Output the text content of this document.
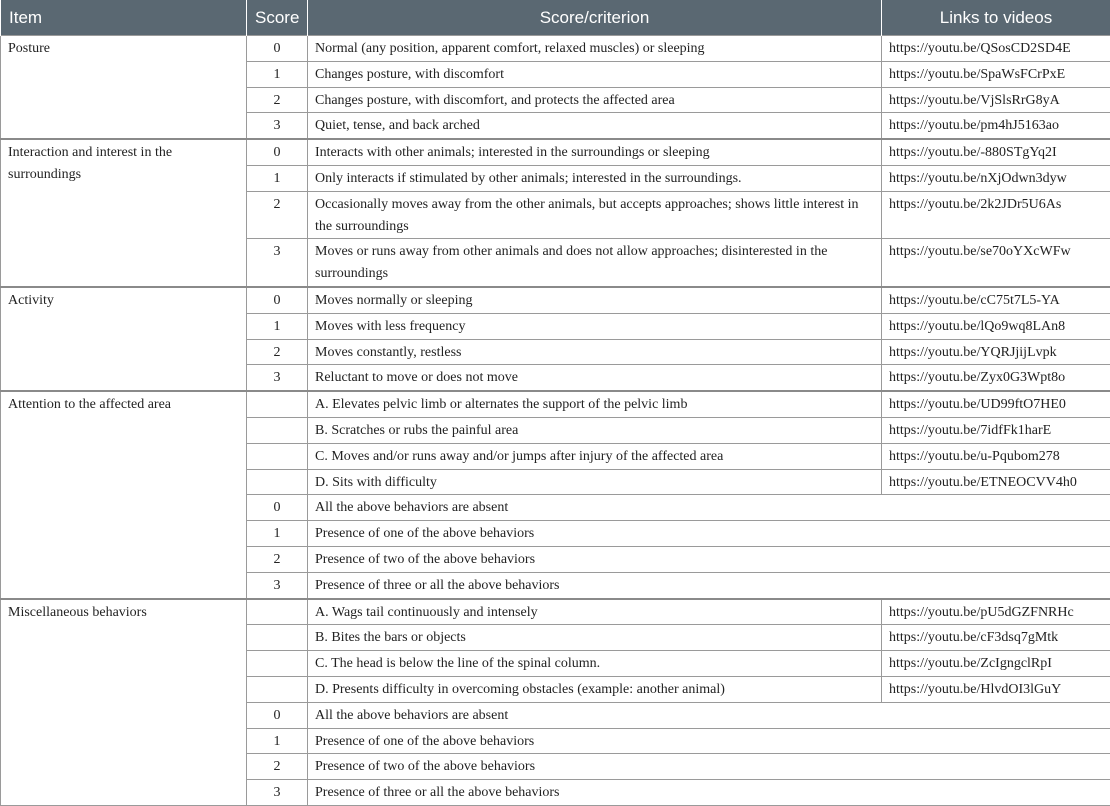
Item	Score	Score/criterion	Links to videos
Posture	0	Normal (any position, apparent comfort, relaxed muscles) or sleeping	https://youtu.be/QSosCD2SD4E
	1	Changes posture, with discomfort	https://youtu.be/SpaWsFCrPxE
	2	Changes posture, with discomfort, and protects the affected area	https://youtu.be/VjSlsRrG8yA
	3	Quiet, tense, and back arched	https://youtu.be/pm4hJ5163ao
Interaction and interest in the surroundings	0	Interacts with other animals; interested in the surroundings or sleeping	https://youtu.be/-880STgYq2I
	1	Only interacts if stimulated by other animals; interested in the surroundings.	https://youtu.be/nXjOdwn3dyw
	2	Occasionally moves away from the other animals, but accepts approaches; shows little interest in the surroundings	https://youtu.be/2k2JDr5U6As
	3	Moves or runs away from other animals and does not allow approaches; disinterested in the surroundings	https://youtu.be/se70oYXcWFw
Activity	0	Moves normally or sleeping	https://youtu.be/cC75t7L5-YA
	1	Moves with less frequency	https://youtu.be/lQo9wq8LAn8
	2	Moves constantly, restless	https://youtu.be/YQRJjijLvpk
	3	Reluctant to move or does not move	https://youtu.be/Zyx0G3Wpt8o
Attention to the affected area		A. Elevates pelvic limb or alternates the support of the pelvic limb	https://youtu.be/UD99ftO7HE0
		B. Scratches or rubs the painful area	https://youtu.be/7idfFk1harE
		C. Moves and/or runs away and/or jumps after injury of the affected area	https://youtu.be/u-Pqubom278
		D. Sits with difficulty	https://youtu.be/ETNEOCVV4h0
	0	All the above behaviors are absent	
	1	Presence of one of the above behaviors	
	2	Presence of two of the above behaviors	
	3	Presence of three or all the above behaviors	
Miscellaneous behaviors		A. Wags tail continuously and intensely	https://youtu.be/pU5dGZFNRHc
		B. Bites the bars or objects	https://youtu.be/cF3dsq7gMtk
		C. The head is below the line of the spinal column.	https://youtu.be/ZcIgngclRpI
		D. Presents difficulty in overcoming obstacles (example: another animal)	https://youtu.be/HlvdOI3lGuY
	0	All the above behaviors are absent	
	1	Presence of one of the above behaviors	
	2	Presence of two of the above behaviors	
	3	Presence of three or all the above behaviors	
